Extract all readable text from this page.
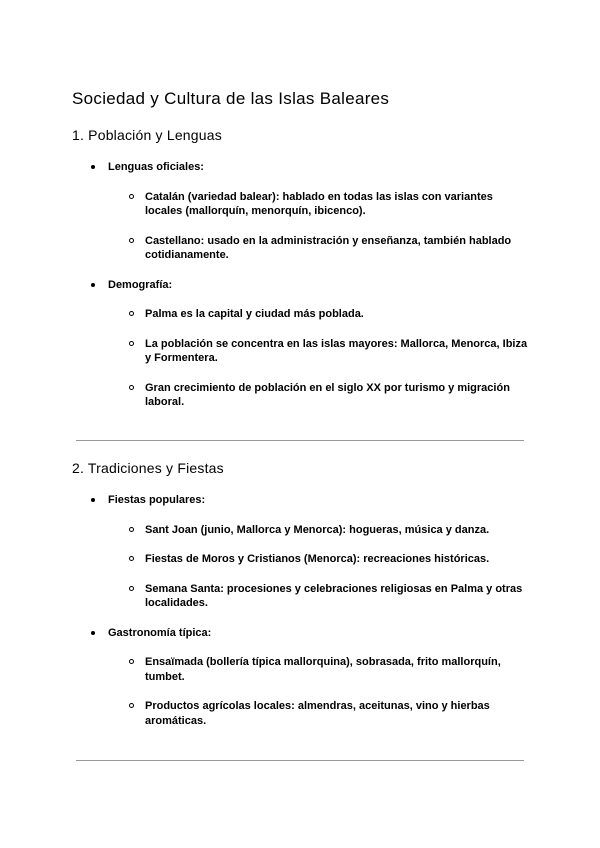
Sociedad y Cultura de las Islas Baleares
1. Población y Lenguas
Lenguas oficiales:
Catalán (variedad balear): hablado en todas las islas con variantes locales (mallorquín, menorquín, ibicenco).
Castellano: usado en la administración y enseñanza, también hablado cotidianamente.
Demografía:
Palma es la capital y ciudad más poblada.
La población se concentra en las islas mayores: Mallorca, Menorca, Ibiza y Formentera.
Gran crecimiento de población en el siglo XX por turismo y migración laboral.
2. Tradiciones y Fiestas
Fiestas populares:
Sant Joan (junio, Mallorca y Menorca): hogueras, música y danza.
Fiestas de Moros y Cristianos (Menorca): recreaciones históricas.
Semana Santa: procesiones y celebraciones religiosas en Palma y otras localidades.
Gastronomía típica:
Ensaïmada (bollería típica mallorquina), sobrasada, frito mallorquín, tumbet.
Productos agrícolas locales: almendras, aceitunas, vino y hierbas aromáticas.
